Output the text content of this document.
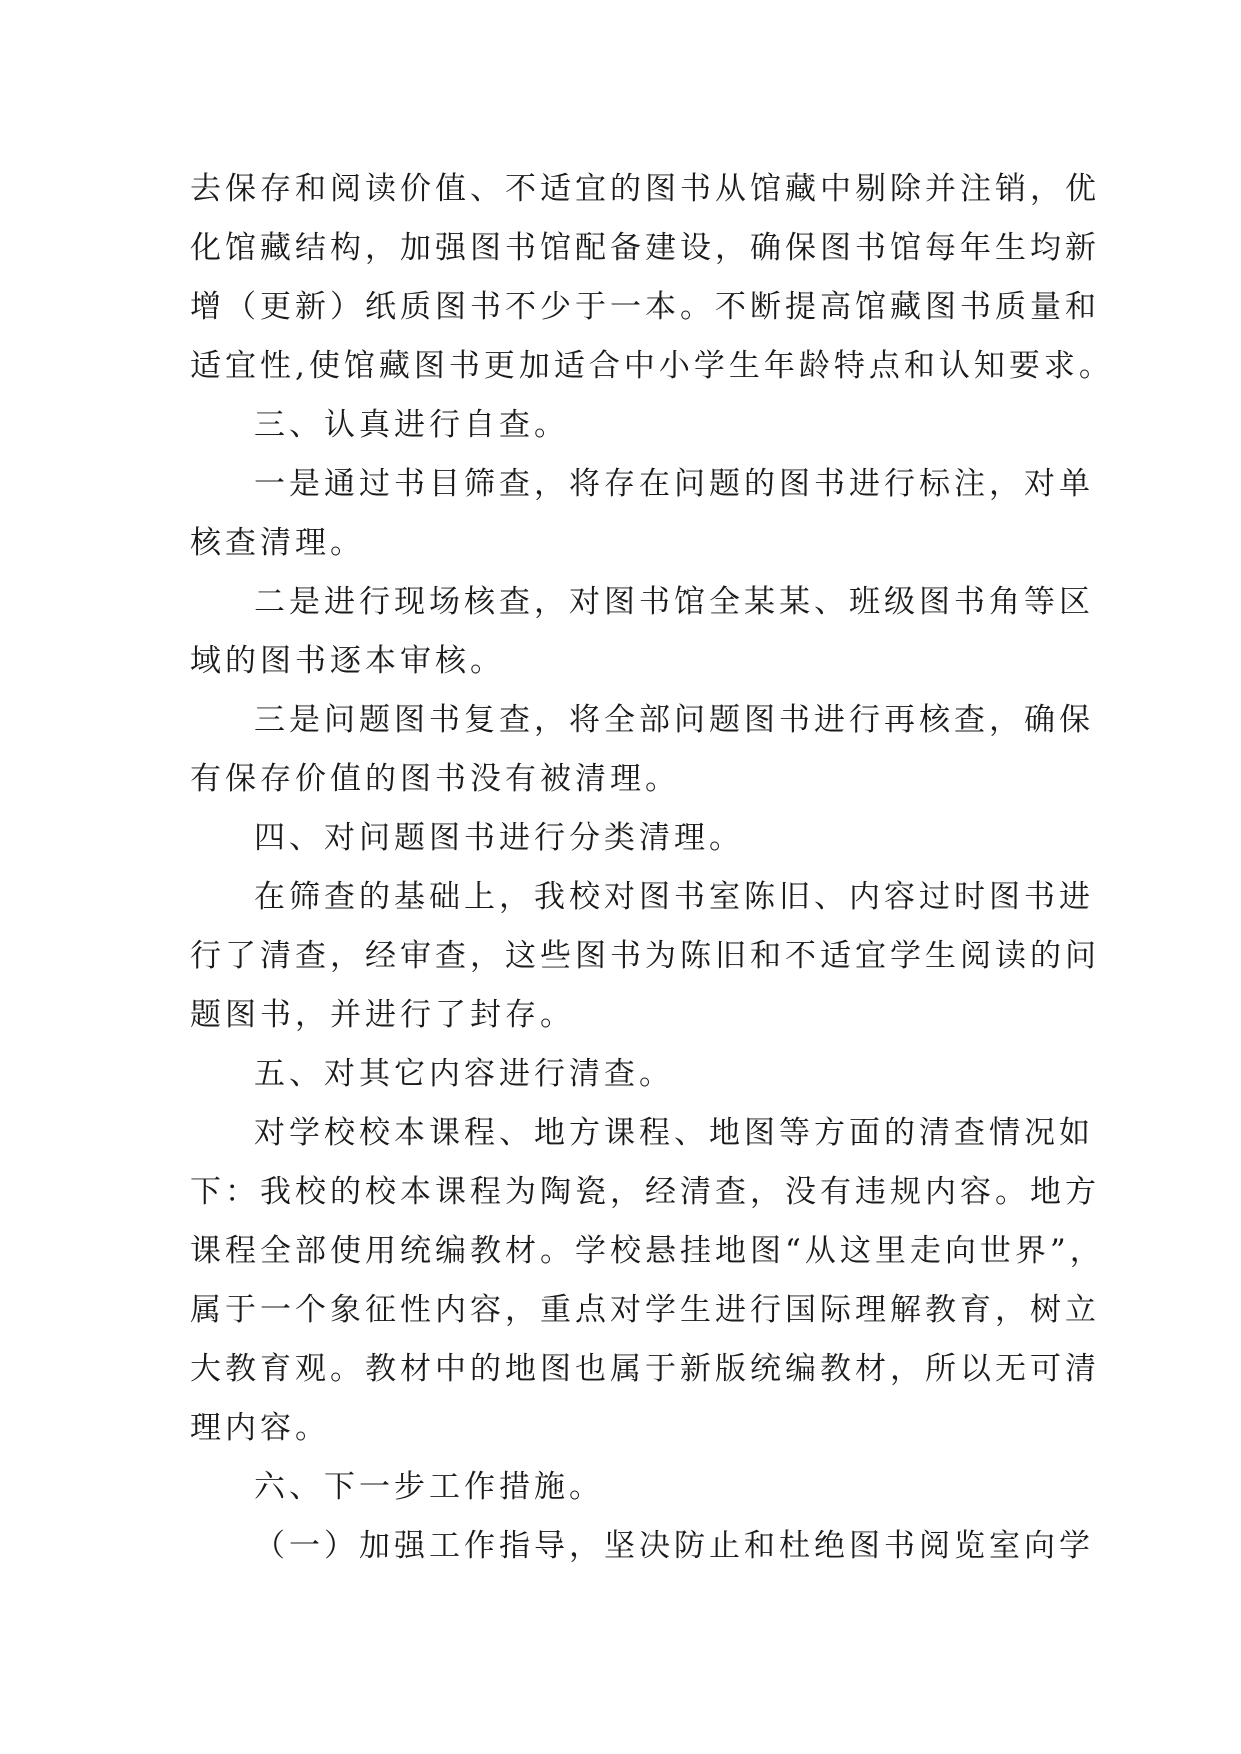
去保存和阅读价值、不适宜的图书从馆藏中剔除并注销，优
化馆藏结构，加强图书馆配备建设，确保图书馆每年生均新
增（更新）纸质图书不少于一本。不断提高馆藏图书质量和
适宜性,使馆藏图书更加适合中小学生年龄特点和认知要求。
三、认真进行自查。
一是通过书目筛查，将存在问题的图书进行标注，对单
核查清理。
二是进行现场核查，对图书馆全某某、班级图书角等区
域的图书逐本审核。
三是问题图书复查，将全部问题图书进行再核查，确保
有保存价值的图书没有被清理。
四、对问题图书进行分类清理。
在筛查的基础上，我校对图书室陈旧、内容过时图书进
行了清查，经审查，这些图书为陈旧和不适宜学生阅读的问
题图书，并进行了封存。
五、对其它内容进行清查。
对学校校本课程、地方课程、地图等方面的清查情况如
下：我校的校本课程为陶瓷，经清查，没有违规内容。地方
课程全部使用统编教材。学校悬挂地图“从这里走向世界”，
属于一个象征性内容，重点对学生进行国际理解教育，树立
大教育观。教材中的地图也属于新版统编教材，所以无可清
理内容。
六、下一步工作措施。
（一）加强工作指导，坚决防止和杜绝图书阅览室向学
